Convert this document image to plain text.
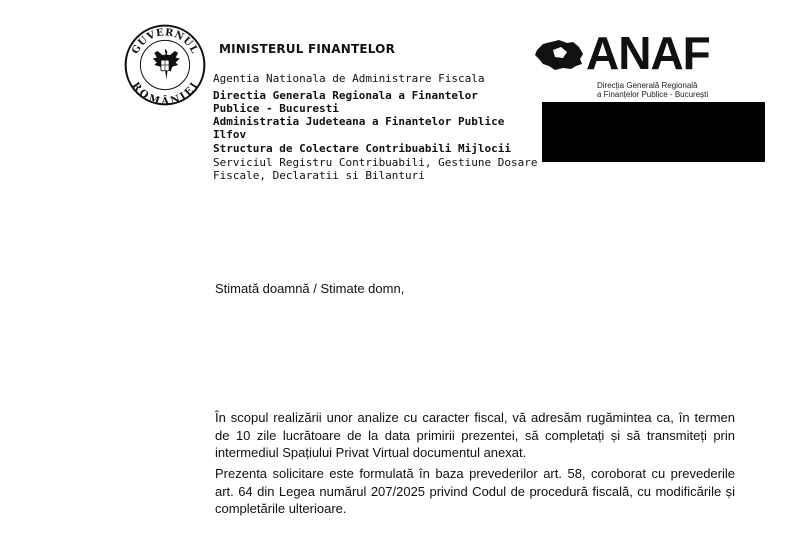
GUVERNUL
ROMÂNIEI
MINISTERUL FINANTELOR
Agentia Nationala de Administrare Fiscala
Directia Generala Regionala a Finantelor
Publice - Bucuresti
Administratia Judeteana a Finantelor Publice
Ilfov
Structura de Colectare Contribuabili Mijlocii
Serviciul Registru Contribuabili, Gestiune Dosare
Fiscale, Declaratii si Bilanturi
ANAF
Direcția Generală Regională
a Finanțelor Publice - București
Stimată doamnă / Stimate domn,
În scopul realizării unor analize cu caracter fiscal, vă adresăm rugămintea ca, în termen de 10 zile lucrătoare de la data primirii prezentei, să completați și să transmiteți prin intermediul Spațiului Privat Virtual documentul anexat.
Prezenta solicitare este formulată în baza prevederilor art. 58, coroborat cu prevederile art. 64 din Legea numărul 207/2025 privind Codul de procedură fiscală, cu modificările și completările ulterioare.
